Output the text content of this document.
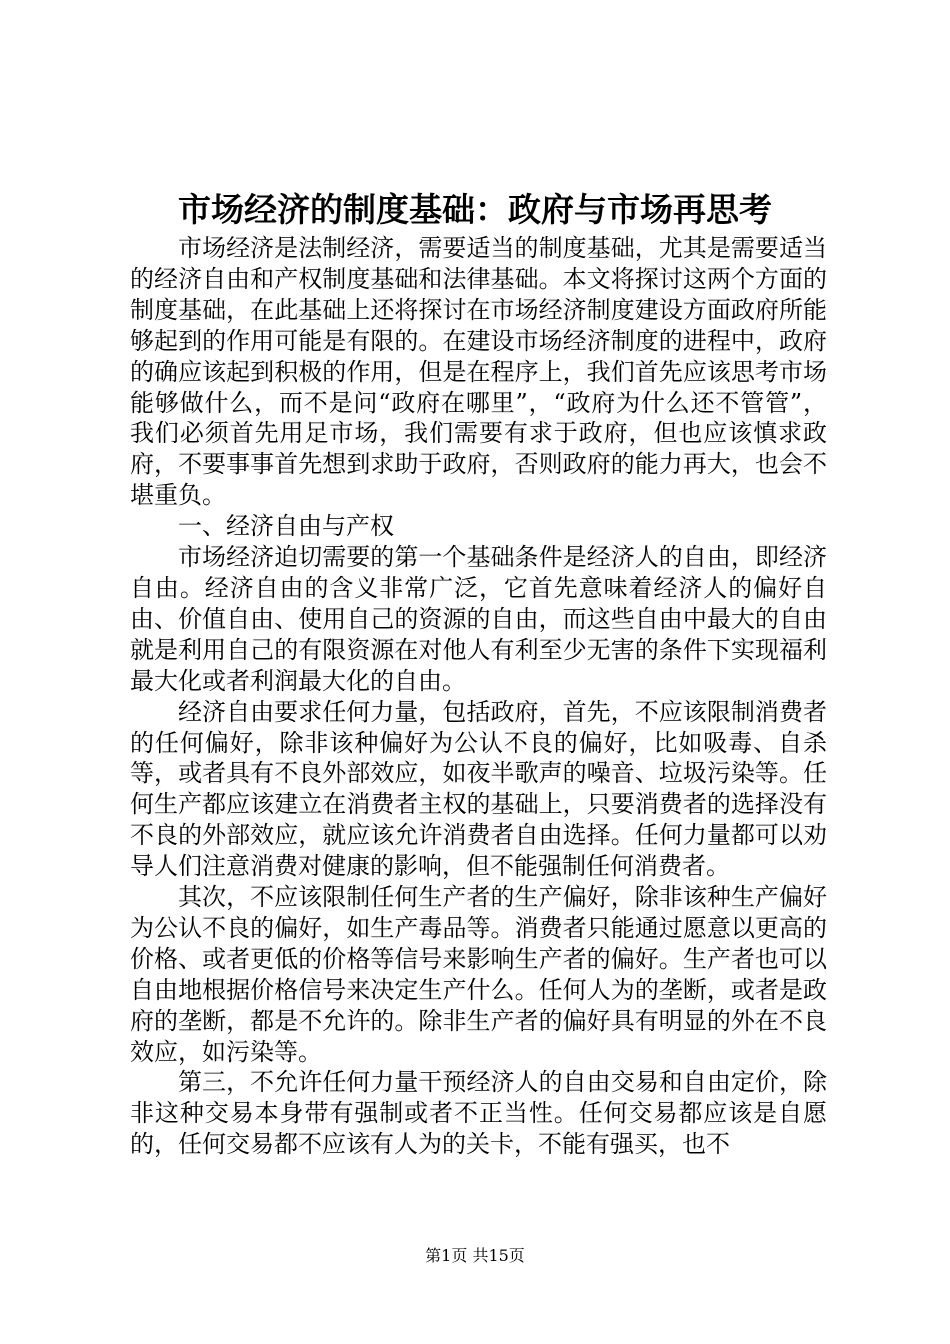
市场经济的制度基础：政府与市场再思考

市场经济是法制经济，需要适当的制度基础，尤其是需要适当的经济自由和产权制度基础和法律基础。本文将探讨这两个方面的制度基础，在此基础上还将探讨在市场经济制度建设方面政府所能够起到的作用可能是有限的。在建设市场经济制度的进程中，政府的确应该起到积极的作用，但是在程序上，我们首先应该思考市场能够做什么，而不是问“政府在哪里”，“政府为什么还不管管”，我们必须首先用足市场，我们需要有求于政府，但也应该慎求政府，不要事事首先想到求助于政府，否则政府的能力再大，也会不堪重负。

一、经济自由与产权

市场经济迫切需要的第一个基础条件是经济人的自由，即经济自由。经济自由的含义非常广泛，它首先意味着经济人的偏好自由、价值自由、使用自己的资源的自由，而这些自由中最大的自由就是利用自己的有限资源在对他人有利至少无害的条件下实现福利最大化或者利润最大化的自由。

经济自由要求任何力量，包括政府，首先，不应该限制消费者的任何偏好，除非该种偏好为公认不良的偏好，比如吸毒、自杀等，或者具有不良外部效应，如夜半歌声的噪音、垃圾污染等。任何生产都应该建立在消费者主权的基础上，只要消费者的选择没有不良的外部效应，就应该允许消费者自由选择。任何力量都可以劝导人们注意消费对健康的影响，但不能强制任何消费者。

其次，不应该限制任何生产者的生产偏好，除非该种生产偏好为公认不良的偏好，如生产毒品等。消费者只能通过愿意以更高的价格、或者更低的价格等信号来影响生产者的偏好。生产者也可以自由地根据价格信号来决定生产什么。任何人为的垄断，或者是政府的垄断，都是不允许的。除非生产者的偏好具有明显的外在不良效应，如污染等。

第三，不允许任何力量干预经济人的自由交易和自由定价，除非这种交易本身带有强制或者不正当性。任何交易都应该是自愿的，任何交易都不应该有人为的关卡，不能有强买，也不

第1页 共15页
